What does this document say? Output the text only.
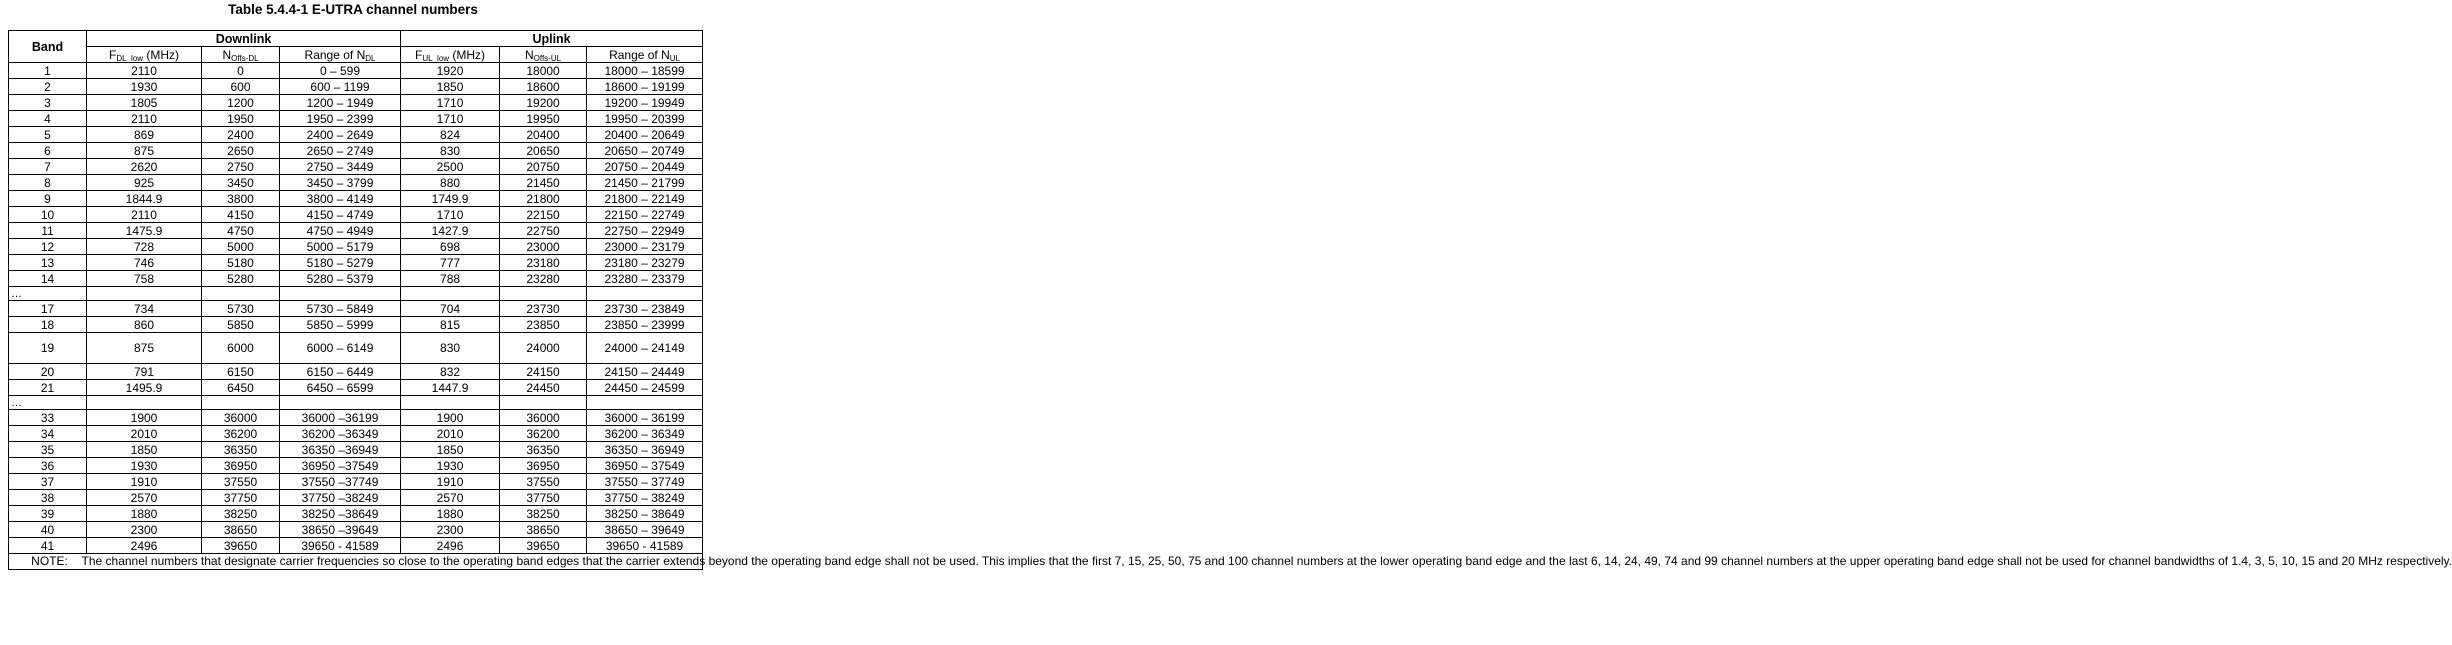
Table 5.4.4-1 E-UTRA channel numbers
Band	Downlink			Uplink		
	$F_{DL\_low}$ (MHz)	$N_{Offs-DL}$	Range of $N_{DL}$	$F_{UL\_low}$ (MHz)	$N_{Offs-UL}$	Range of $N_{UL}$
1	2110	0	0 – 599	1920	18000	18000 – 18599
2	1930	600	600 – 1199	1850	18600	18600 – 19199
3	1805	1200	1200 – 1949	1710	19200	19200 – 19949
4	2110	1950	1950 – 2399	1710	19950	19950 – 20399
5	869	2400	2400 – 2649	824	20400	20400 – 20649
6	875	2650	2650 – 2749	830	20650	20650 – 20749
7	2620	2750	2750 – 3449	2500	20750	20750 – 20449
8	925	3450	3450 – 3799	880	21450	21450 – 21799
9	1844.9	3800	3800 – 4149	1749.9	21800	21800 – 22149
10	2110	4150	4150 – 4749	1710	22150	22150 – 22749
11	1475.9	4750	4750 – 4949	1427.9	22750	22750 – 22949
12	728	5000	5000 – 5179	698	23000	23000 – 23179
13	746	5180	5180 – 5279	777	23180	23180 – 23279
14	758	5280	5280 – 5379	788	23280	23280 – 23379
…						
17	734	5730	5730 – 5849	704	23730	23730 – 23849
18	860	5850	5850 – 5999	815	23850	23850 – 23999
19	875	6000	6000 – 6149	830	24000	24000 – 24149
20	791	6150	6150 – 6449	832	24150	24150 – 24449
21	1495.9	6450	6450 – 6599	1447.9	24450	24450 – 24599
…						
33	1900	36000	36000 –36199	1900	36000	36000 – 36199
34	2010	36200	36200 –36349	2010	36200	36200 – 36349
35	1850	36350	36350 –36949	1850	36350	36350 – 36949
36	1930	36950	36950 –37549	1930	36950	36950 – 37549
37	1910	37550	37550 –37749	1910	37550	37550 – 37749
38	2570	37750	37750 –38249	2570	37750	37750 – 38249
39	1880	38250	38250 –38649	1880	38250	38250 – 38649
40	2300	38650	38650 –39649	2300	38650	38650 – 39649
41	2496	39650	39650 - 41589	2496	39650	39650 - 41589
NOTE: The channel numbers that designate carrier frequencies so close to the operating band edges that the carrier extends beyond the operating band edge shall not be used. This implies that the first 7, 15, 25, 50, 75 and 100 channel numbers at the lower operating band edge and the last 6, 14, 24, 49, 74 and 99 channel numbers at the upper operating band edge shall not be used for channel bandwidths of 1.4, 3, 5, 10, 15 and 20 MHz respectively.						
